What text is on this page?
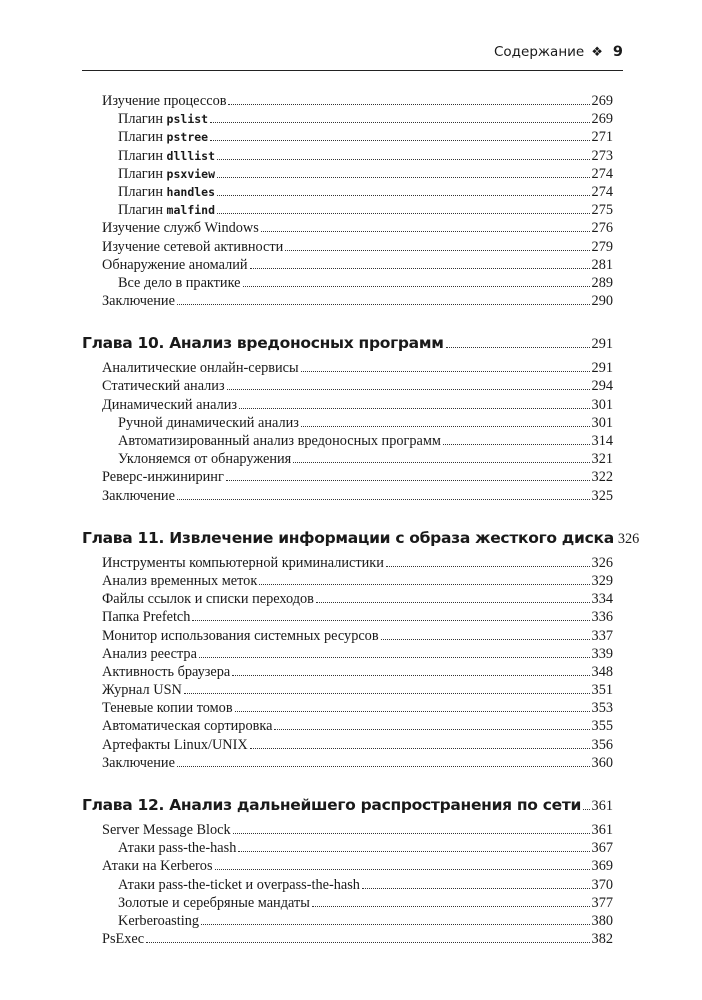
Содержание ❖ 9
Изучение процессов	269
Плагин pslist	269
Плагин pstree	271
Плагин dlllist	273
Плагин psxview	274
Плагин handles	274
Плагин malfind	275
Изучение служб Windows	276
Изучение сетевой активности	279
Обнаружение аномалий	281
Все дело в практике	289
Заключение	290
Глава 10. Анализ вредоносных программ	291
Аналитические онлайн-сервисы	291
Статический анализ	294
Динамический анализ	301
Ручной динамический анализ	301
Автоматизированный анализ вредоносных программ	314
Уклоняемся от обнаружения	321
Реверс-инжиниринг	322
Заключение	325
Глава 11. Извлечение информации с образа жесткого диска 326
Инструменты компьютерной криминалистики	326
Анализ временных меток	329
Файлы ссылок и списки переходов	334
Папка Prefetch	336
Монитор использования системных ресурсов	337
Анализ реестра	339
Активность браузера	348
Журнал USN	351
Теневые копии томов	353
Автоматическая сортировка	355
Артефакты Linux/UNIX	356
Заключение	360
Глава 12. Анализ дальнейшего распространения по сети 361
Server Message Block	361
Атаки pass-the-hash	367
Атаки на Kerberos	369
Атаки pass-the-ticket и overpass-the-hash	370
Золотые и серебряные мандаты	377
Kerberoasting	380
PsExec	382
